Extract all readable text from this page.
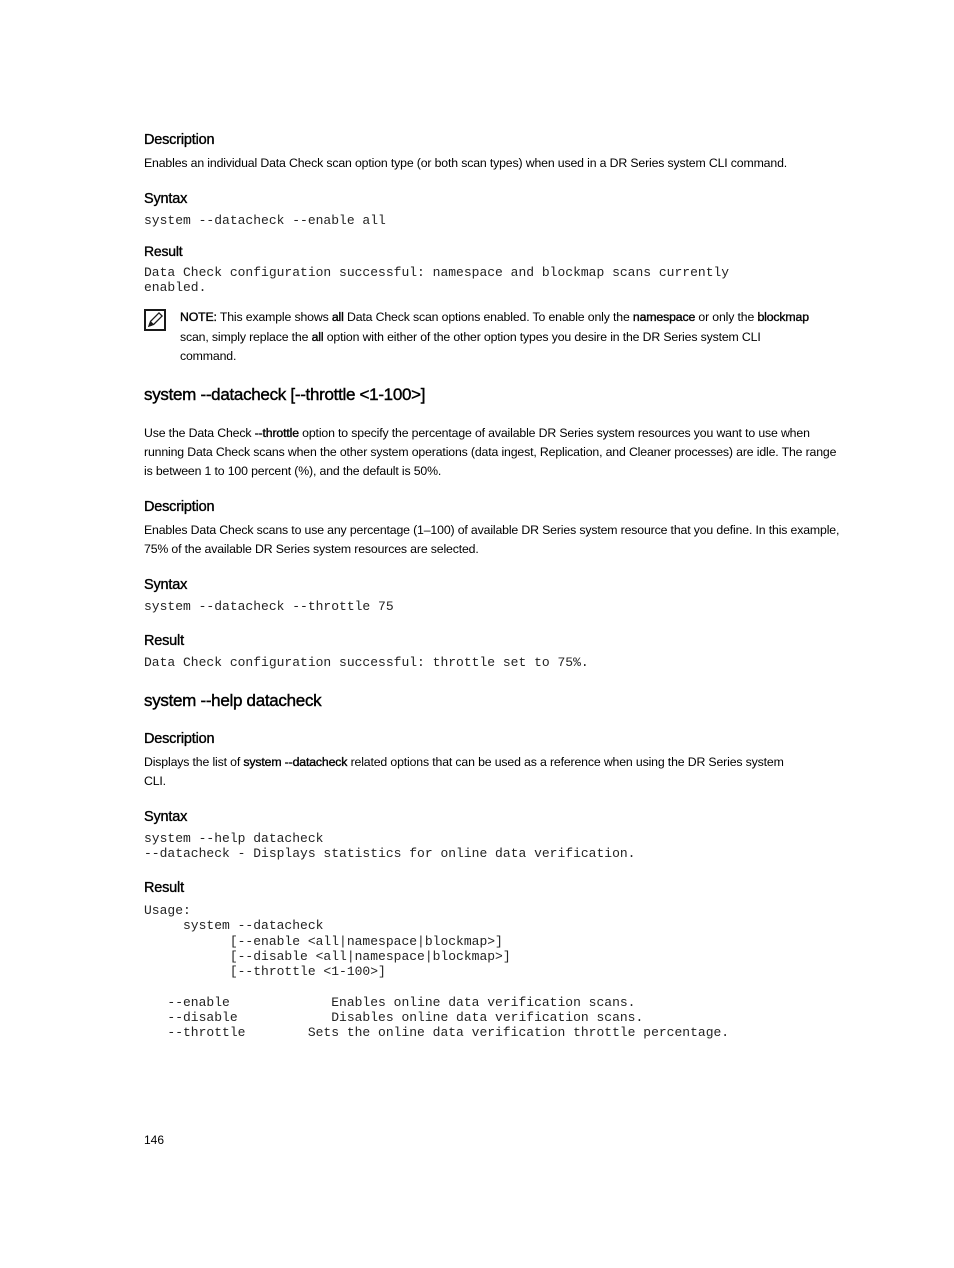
Description

Enables an individual Data Check scan option type (or both scan types) when used in a DR Series system CLI command.

Syntax
system --datacheck --enable all
Result
Data Check configuration successful: namespace and blockmap scans currently
enabled.
NOTE: This example shows all Data Check scan options enabled. To enable only the namespace or only the blockmap scan, simply replace the all option with either of the other option types you desire in the DR Series system CLI command.
system --datacheck [--throttle <1-100>]

Use the Data Check --throttle option to specify the percentage of available DR Series system resources you want to use when running Data Check scans when the other system operations (data ingest, Replication, and Cleaner processes) are idle. The range is between 1 to 100 percent (%), and the default is 50%.

Description

Enables Data Check scans to use any percentage (1–100) of available DR Series system resource that you define. In this example, 75% of the available DR Series system resources are selected.

Syntax
system --datacheck --throttle 75
Result
Data Check configuration successful: throttle set to 75%.
system --help datacheck
Description

Displays the list of system --datacheck related options that can be used as a reference when using the DR Series system CLI.

Syntax
system --help datacheck
--datacheck - Displays statistics for online data verification.
Result
Usage:
system --datacheck
[--enable <all|namespace|blockmap>]
[--disable <all|namespace|blockmap>]
[--throttle <1-100>]

--enable             Enables online data verification scans.
--disable            Disables online data verification scans.
--throttle        Sets the online data verification throttle percentage.
146
